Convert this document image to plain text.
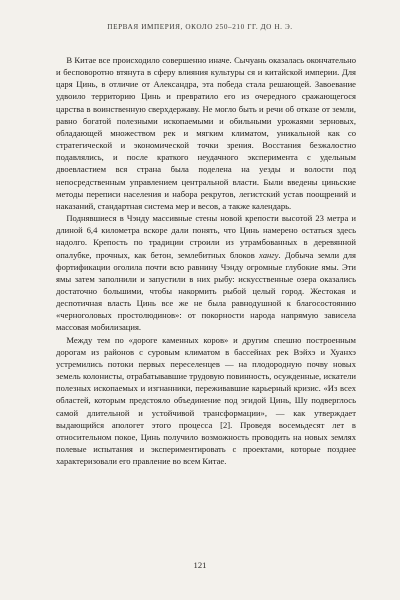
ПЕРВАЯ ИМПЕРИЯ, ОКОЛО 250–210 ГГ. ДО Н. Э.

В Китае все происходило совершенно иначе. Сычуань оказалась окончательно и бесповоротно втянута в сферу влияния культуры ся и китайской империи. Для царя Цинь, в отличие от Александра, эта победа стала решающей. Завоевание удвоило территорию Цинь и превратило его из очередного сражающегося царства в воинственную сверхдержаву. Не могло быть и речи об отказе от земли, равно богатой полезными ископаемыми и обильными урожаями зерновых, обладающей множеством рек и мягким климатом, уникальной как со стратегической и экономической точки зрения. Восстания безжалостно подавлялись, и после краткого неудачного эксперимента с удельным двоевластием вся страна была поделена на уезды и волости под непосредственным управлением центральной власти. Были введены циньские методы переписи населения и набора рекрутов, легистский устав поощрений и наказаний, стандартная система мер и весов, а также календарь.

Поднявшиеся в Чэнду массивные стены новой крепости высотой 23 метра и длиной 6,4 километра вскоре дали понять, что Цинь намерено остаться здесь надолго. Крепость по традиции строили из утрамбованных в деревянной опалубке, прочных, как бетон, землебитных блоков хангу. Добыча земли для фортификации оголила почти всю равнину Чэнду огромные глубокие ямы. Эти ямы затем заполнили и запустили в них рыбу: искусственные озера оказались достаточно большими, чтобы накормить рыбой целый город. Жестокая и деспотичная власть Цинь все же не была равнодушной к благосостоянию «черноголовых простолюдинов»: от покорности народа напрямую зависела массовая мобилизация.

Между тем по «дороге каменных коров» и другим спешно построенным дорогам из районов с суровым климатом в бассейнах рек Вэйхэ и Хуанхэ устремились потоки первых переселенцев — на плодородную почву новых земель колонисты, отрабатывавшие трудовую повинность, осужденные, искатели полезных ископаемых и изгнанники, переживавшие карьерный кризис. «Из всех областей, которым предстояло объединение под эгидой Цинь, Шу подверглось самой длительной и устойчивой трансформации», — как утверждает выдающийся апологет этого процесса [2]. Проведя восемьдесят лет в относительном покое, Цинь получило возможность проводить на новых землях полевые испытания и экспериментировать с проектами, которые позднее характеризовали его правление во всем Китае.

121
